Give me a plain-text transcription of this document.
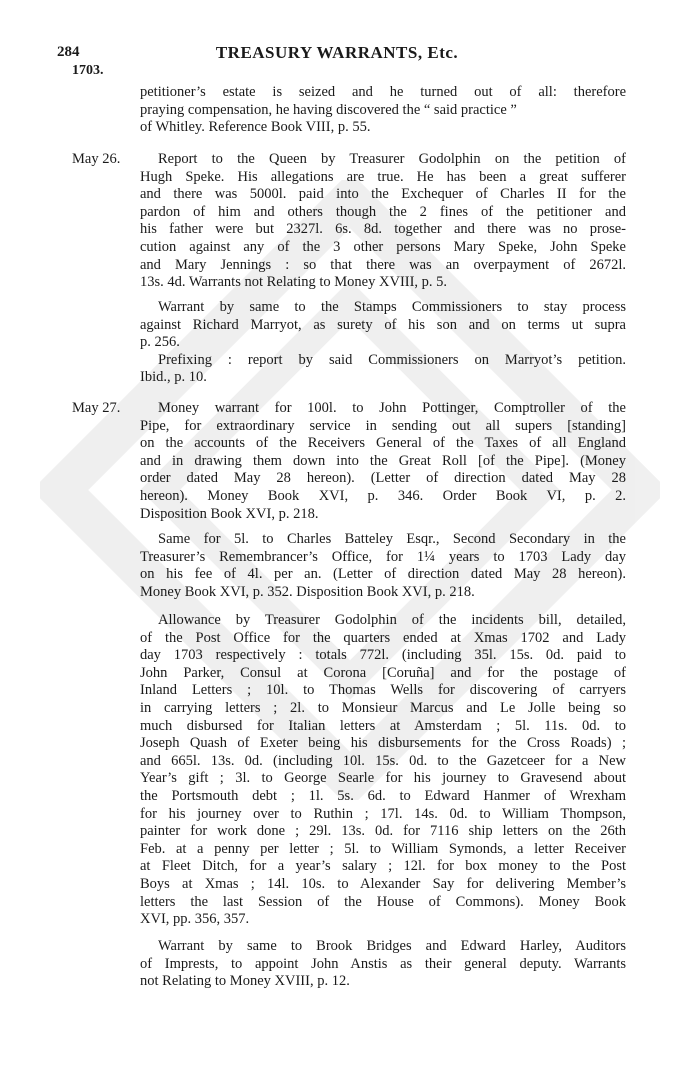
284	TREASURY WARRANTS, Etc.
1703.
petitioner’s estate is seized and he turned out of all: therefore
praying compensation, he having discovered the “ said practice ”
of Whitley. Reference Book VIII, p. 55.
May 26.	Report to the Queen by Treasurer Godolphin on the petition of
Hugh Speke. His allegations are true. He has been a great sufferer
and there was 5000l. paid into the Exchequer of Charles II for the
pardon of him and others though the 2 fines of the petitioner and
his father were but 2327l. 6s. 8d. together and there was no prose-
cution against any of the 3 other persons Mary Speke, John Speke
and Mary Jennings : so that there was an overpayment of 2672l.
13s. 4d. Warrants not Relating to Money XVIII, p. 5.
Warrant by same to the Stamps Commissioners to stay process
against Richard Marryot, as surety of his son and on terms ut supra
p. 256.
Prefixing : report by said Commissioners on Marryot’s petition.
Ibid., p. 10.
May 27.	Money warrant for 100l. to John Pottinger, Comptroller of the
Pipe, for extraordinary service in sending out all supers [standing]
on the accounts of the Receivers General of the Taxes of all England
and in drawing them down into the Great Roll [of the Pipe]. (Money
order dated May 28 hereon). (Letter of direction dated May 28
hereon). Money Book XVI, p. 346. Order Book VI, p. 2.
Disposition Book XVI, p. 218.
Same for 5l. to Charles Batteley Esqr., Second Secondary in the
Treasurer’s Remembrancer’s Office, for 1¼ years to 1703 Lady day
on his fee of 4l. per an. (Letter of direction dated May 28 hereon).
Money Book XVI, p. 352. Disposition Book XVI, p. 218.
Allowance by Treasurer Godolphin of the incidents bill, detailed,
of the Post Office for the quarters ended at Xmas 1702 and Lady
day 1703 respectively : totals 772l. (including 35l. 15s. 0d. paid to
John Parker, Consul at Corona [Coruña] and for the postage of
Inland Letters ; 10l. to Thomas Wells for discovering of carryers
in carrying letters ; 2l. to Monsieur Marcus and Le Jolle being so
much disbursed for Italian letters at Amsterdam ; 5l. 11s. 0d. to
Joseph Quash of Exeter being his disbursements for the Cross Roads) ;
and 665l. 13s. 0d. (including 10l. 15s. 0d. to the Gazetceer for a New
Year’s gift ; 3l. to George Searle for his journey to Gravesend about
the Portsmouth debt ; 1l. 5s. 6d. to Edward Hanmer of Wrexham
for his journey over to Ruthin ; 17l. 14s. 0d. to William Thompson,
painter for work done ; 29l. 13s. 0d. for 7116 ship letters on the 26th
Feb. at a penny per letter ; 5l. to William Symonds, a letter Receiver
at Fleet Ditch, for a year’s salary ; 12l. for box money to the Post
Boys at Xmas ; 14l. 10s. to Alexander Say for delivering Member’s
letters the last Session of the House of Commons). Money Book
XVI, pp. 356, 357.
Warrant by same to Brook Bridges and Edward Harley, Auditors
of Imprests, to appoint John Anstis as their general deputy. Warrants
not Relating to Money XVIII, p. 12.
